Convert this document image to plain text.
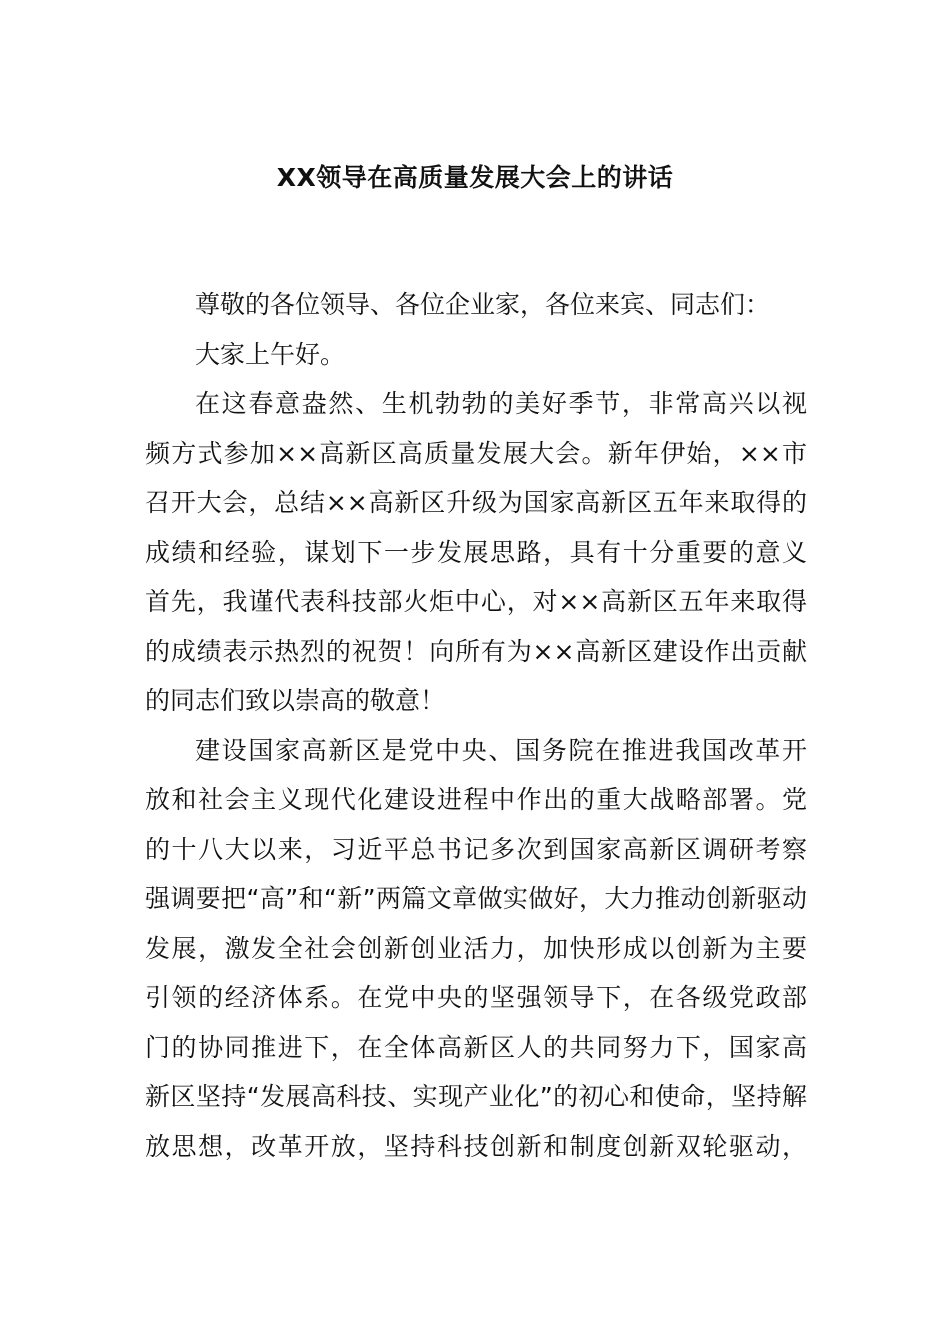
XX领导在高质量发展大会上的讲话
尊敬的各位领导、各位企业家，各位来宾、同志们：
大家上午好。
在这春意盎然、生机勃勃的美好季节，非常高兴以视
频方式参加××高新区高质量发展大会。新年伊始，××市
召开大会，总结××高新区升级为国家高新区五年来取得的
成绩和经验，谋划下一步发展思路，具有十分重要的意义
首先，我谨代表科技部火炬中心，对××高新区五年来取得
的成绩表示热烈的祝贺！向所有为××高新区建设作出贡献
的同志们致以崇高的敬意！
建设国家高新区是党中央、国务院在推进我国改革开
放和社会主义现代化建设进程中作出的重大战略部署。党
的十八大以来，习近平总书记多次到国家高新区调研考察
强调要把“高”和“新”两篇文章做实做好，大力推动创新驱动
发展，激发全社会创新创业活力，加快形成以创新为主要
引领的经济体系。在党中央的坚强领导下，在各级党政部
门的协同推进下，在全体高新区人的共同努力下，国家高
新区坚持“发展高科技、实现产业化”的初心和使命，坚持解
放思想，改革开放，坚持科技创新和制度创新双轮驱动，
